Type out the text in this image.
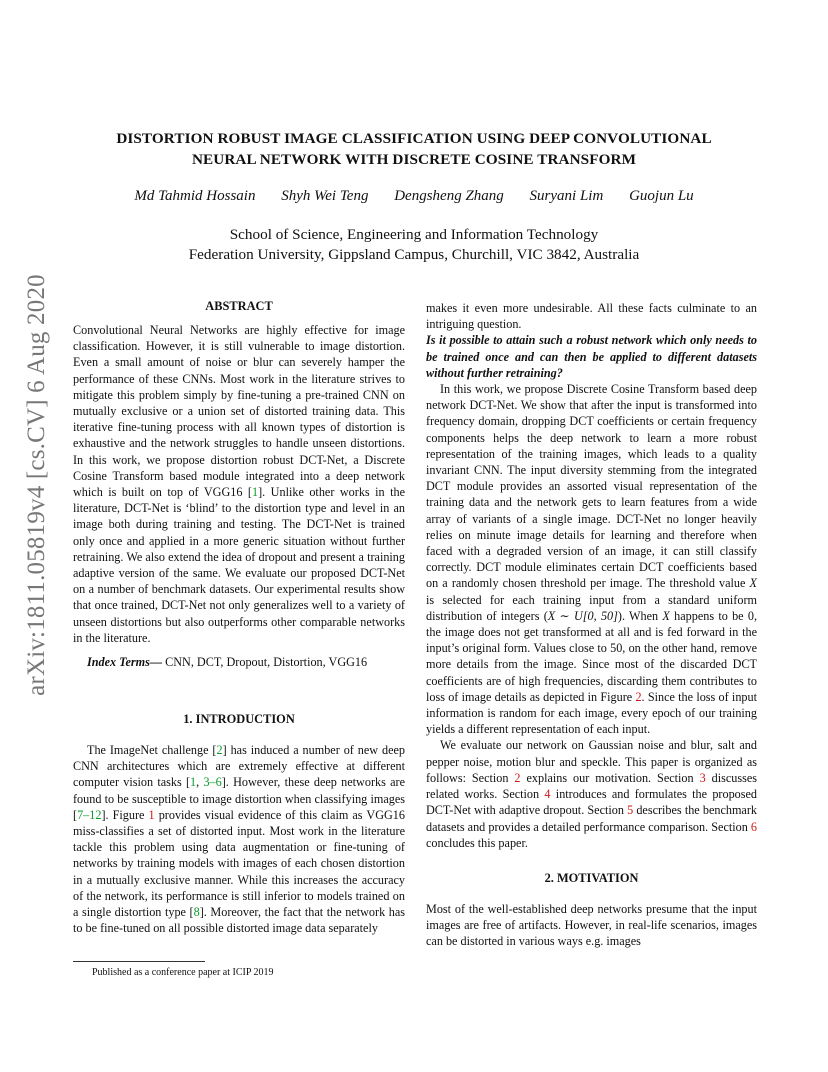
DISTORTION ROBUST IMAGE CLASSIFICATION USING DEEP CONVOLUTIONAL
NEURAL NETWORK WITH DISCRETE COSINE TRANSFORM
Md Tahmid Hossain Shyh Wei Teng Dengsheng Zhang Suryani Lim Guojun Lu
School of Science, Engineering and Information Technology
Federation University, Gippsland Campus, Churchill, VIC 3842, Australia
arXiv:1811.05819v4 [cs.CV] 6 Aug 2020	ABSTRACT
Convolutional Neural Networks are highly effective for image classification. However, it is still vulnerable to image distortion. Even a small amount of noise or blur can severely hamper the performance of these CNNs. Most work in the literature strives to mitigate this problem simply by fine-tuning a pre-trained CNN on mutually exclusive or a union set of distorted training data. This iterative fine-tuning process with all known types of distortion is exhaustive and the network struggles to handle unseen distortions. In this work, we propose distortion robust DCT-Net, a Discrete Cosine Transform based module integrated into a deep network which is built on top of VGG16 [1]. Unlike other works in the literature, DCT-Net is ‘blind’ to the distortion type and level in an image both during training and testing. The DCT-Net is trained only once and applied in a more generic situation without further retraining. We also extend the idea of dropout and present a training adaptive version of the same. We evaluate our proposed DCT-Net on a number of benchmark datasets. Our experimental results show that once trained, DCT-Net not only generalizes well to a variety of unseen distortions but also outperforms other comparable networks in the literature.
Index Terms— CNN, DCT, Dropout, Distortion, VGG16
1. INTRODUCTION
The ImageNet challenge [2] has induced a number of new deep CNN architectures which are extremely effective at different computer vision tasks [1, 3–6]. However, these deep networks are found to be susceptible to image distortion when classifying images [7–12]. Figure 1 provides visual evidence of this claim as VGG16 miss-classifies a set of distorted input. Most work in the literature tackle this problem using data augmentation or fine-tuning of networks by training models with images of each chosen distortion in a mutually exclusive manner. While this increases the accuracy of the network, its performance is still inferior to models trained on a single distortion type [8]. Moreover, the fact that the network has to be fine-tuned on all possible distorted image data separately
Published as a conference paper at ICIP 2019
makes it even more undesirable. All these facts culminate to an intriguing question.
Is it possible to attain such a robust network which only needs to be trained once and can then be applied to different datasets without further retraining?
In this work, we propose Discrete Cosine Transform based deep network DCT-Net. We show that after the input is transformed into frequency domain, dropping DCT coefficients or certain frequency components helps the deep network to learn a more robust representation of the training images, which leads to a quality invariant CNN. The input diversity stemming from the integrated DCT module provides an assorted visual representation of the training data and the network gets to learn features from a wide array of variants of a single image. DCT-Net no longer heavily relies on minute image details for learning and therefore when faced with a degraded version of an image, it can still classify correctly. DCT module eliminates certain DCT coefficients based on a randomly chosen threshold per image. The threshold value X is selected for each training input from a standard uniform distribution of integers (X ∼ U[0, 50]). When X happens to be 0, the image does not get transformed at all and is fed forward in the input’s original form. Values close to 50, on the other hand, remove more details from the image. Since most of the discarded DCT coefficients are of high frequencies, discarding them contributes to loss of image details as depicted in Figure 2. Since the loss of input information is random for each image, every epoch of our training yields a different representation of each input.
We evaluate our network on Gaussian noise and blur, salt and pepper noise, motion blur and speckle. This paper is organized as follows: Section 2 explains our motivation. Section 3 discusses related works. Section 4 introduces and formulates the proposed DCT-Net with adaptive dropout. Section 5 describes the benchmark datasets and provides a detailed performance comparison. Section 6 concludes this paper.
2. MOTIVATION
Most of the well-established deep networks presume that the input images are free of artifacts. However, in real-life scenarios, images can be distorted in various ways e.g. images
